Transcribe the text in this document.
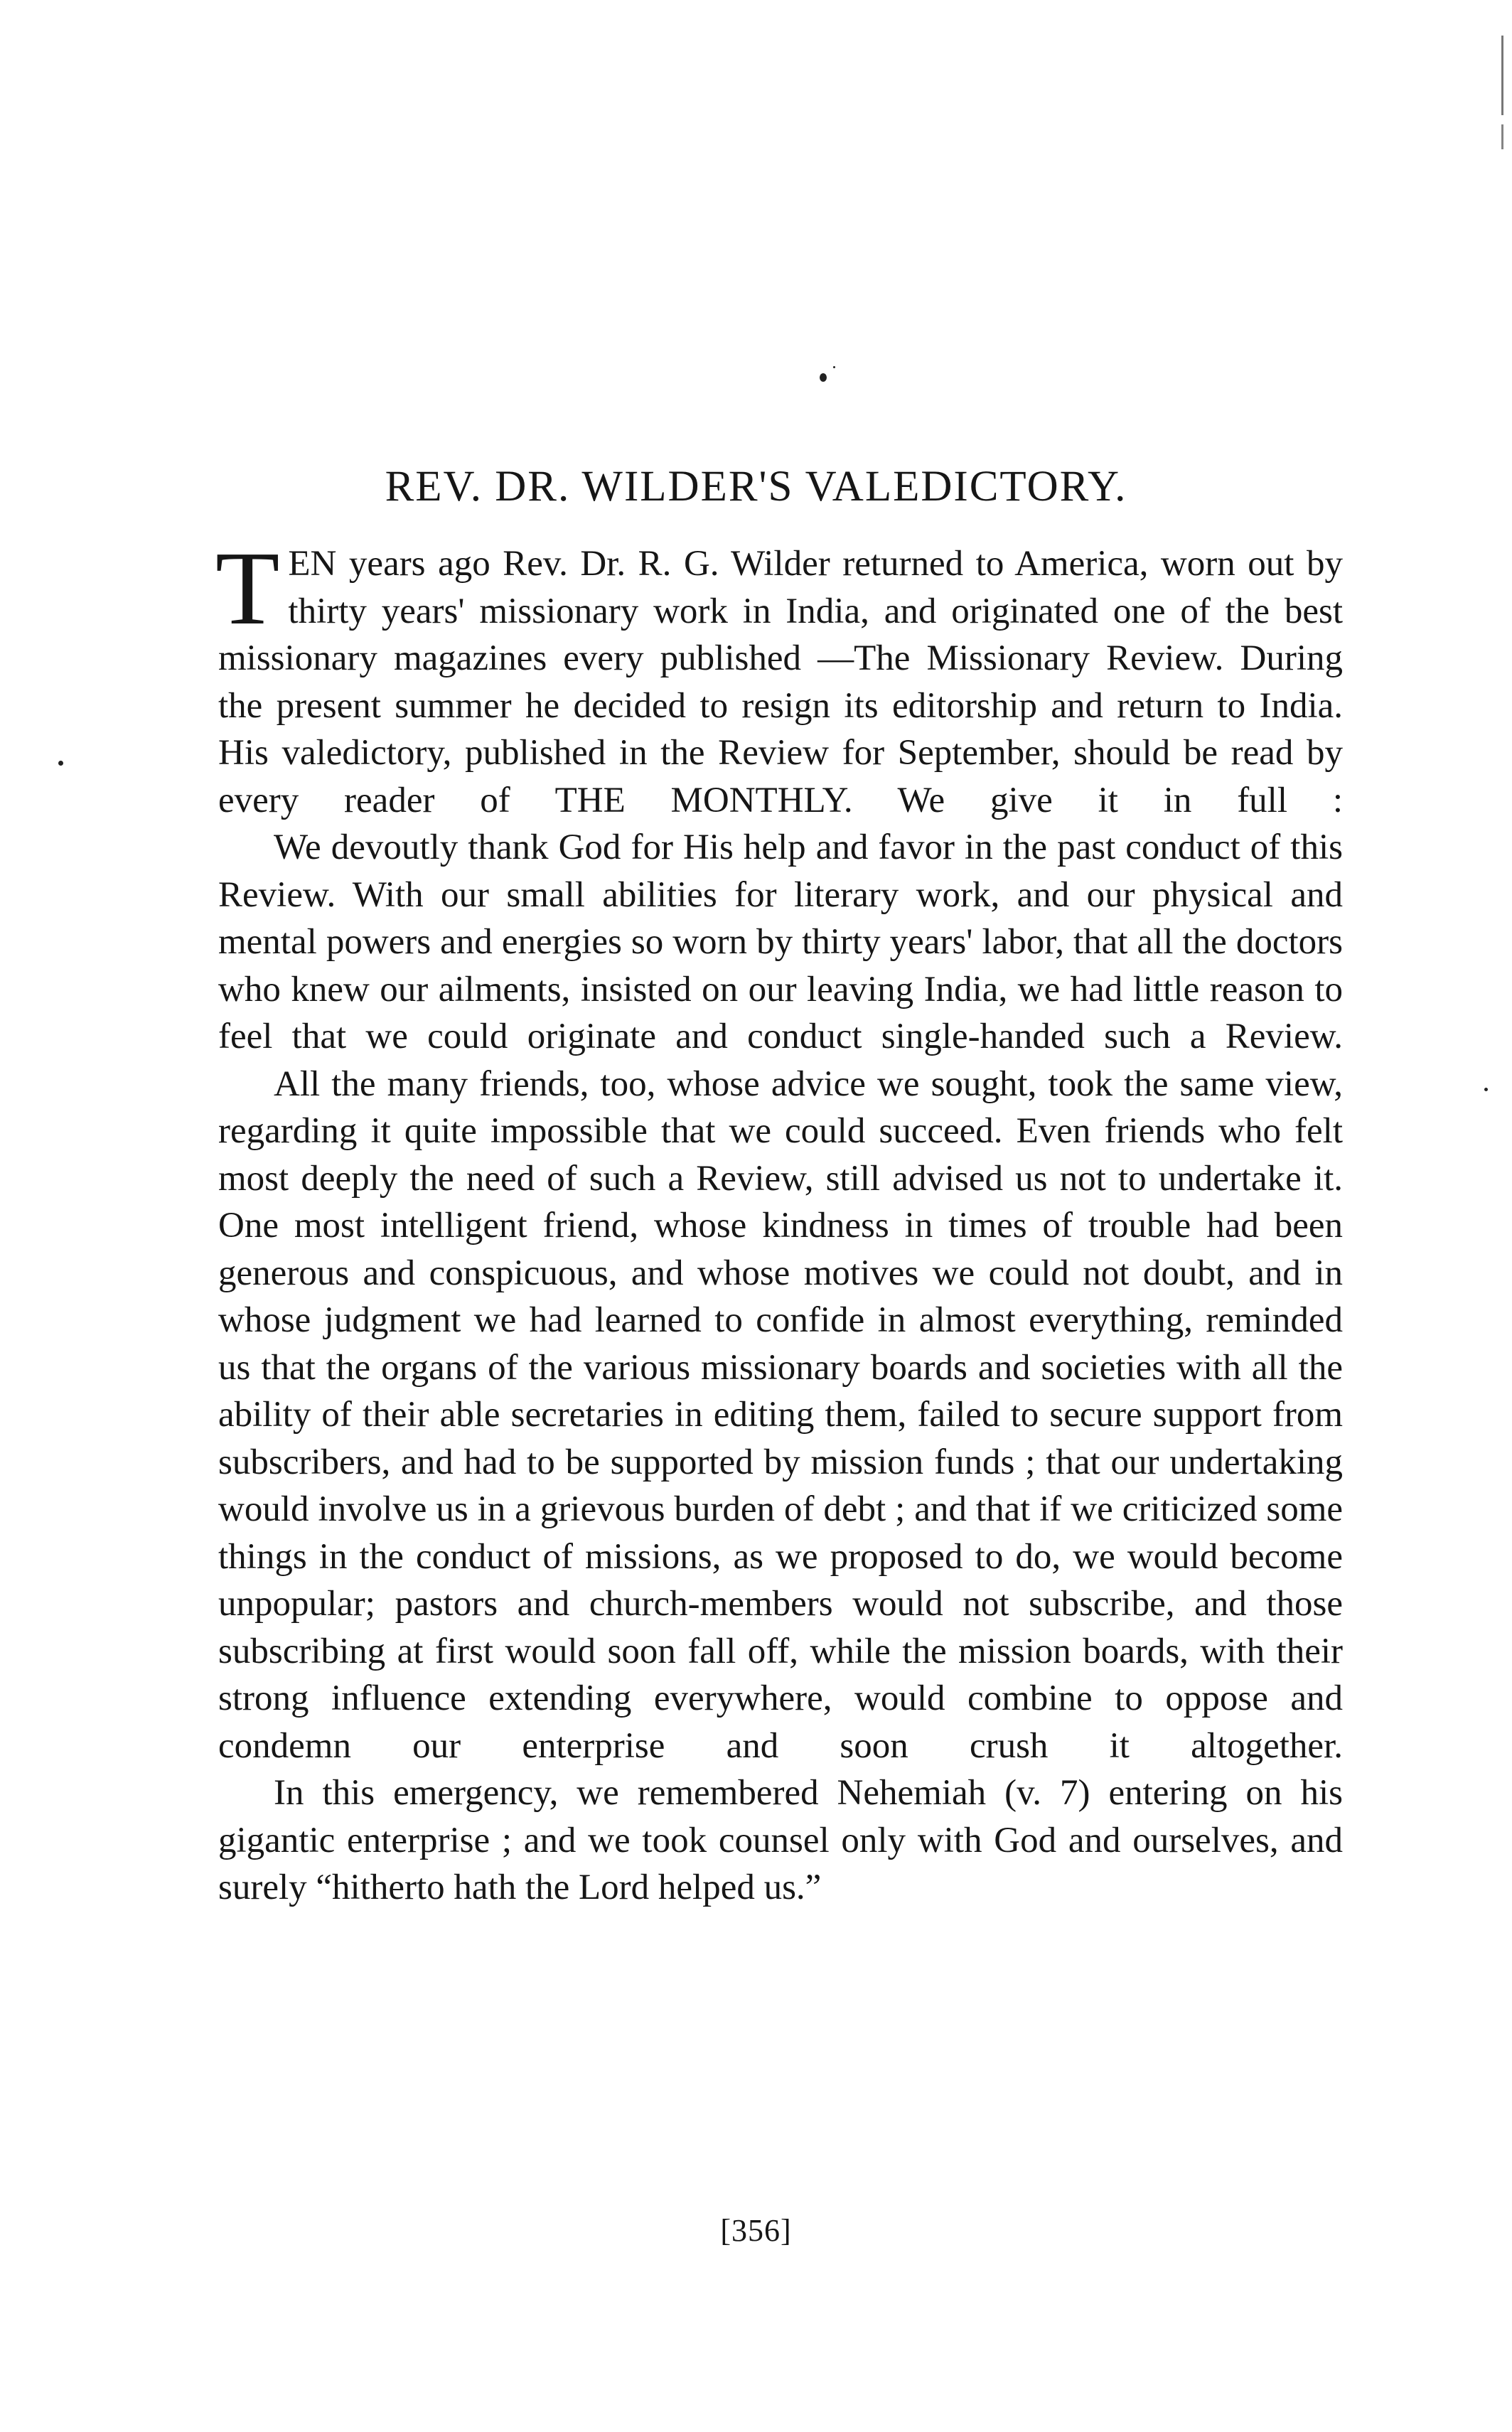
REV. DR. WILDER'S VALEDICTORY.

TEN years ago Rev. Dr. R. G. Wilder returned to America, worn out by thirty years' missionary work in India, and originated one of the best missionary magazines every published —The Missionary Review. During the present summer he decided to resign its editorship and return to India. His valedictory, published in the Review for September, should be read by every reader of THE MONTHLY. We give it in full :

We devoutly thank God for His help and favor in the past conduct of this Review. With our small abilities for literary work, and our physical and mental powers and energies so worn by thirty years' labor, that all the doctors who knew our ailments, insisted on our leaving India, we had little reason to feel that we could originate and conduct single-handed such a Review.

All the many friends, too, whose advice we sought, took the same view, regarding it quite impossible that we could succeed. Even friends who felt most deeply the need of such a Review, still advised us not to undertake it. One most intelligent friend, whose kindness in times of trouble had been generous and conspicuous, and whose motives we could not doubt, and in whose judgment we had learned to confide in almost everything, reminded us that the organs of the various missionary boards and societies with all the ability of their able secretaries in editing them, failed to secure support from subscribers, and had to be supported by mission funds ; that our undertaking would involve us in a grievous burden of debt ; and that if we criticized some things in the conduct of missions, as we proposed to do, we would become unpopular; pastors and church-members would not subscribe, and those subscribing at first would soon fall off, while the mission boards, with their strong influence extending everywhere, would combine to oppose and condemn our enterprise and soon crush it altogether.

In this emergency, we remembered Nehemiah (v. 7) entering on his gigantic enterprise ; and we took counsel only with God and ourselves, and surely “hitherto hath the Lord helped us.”

[356]
